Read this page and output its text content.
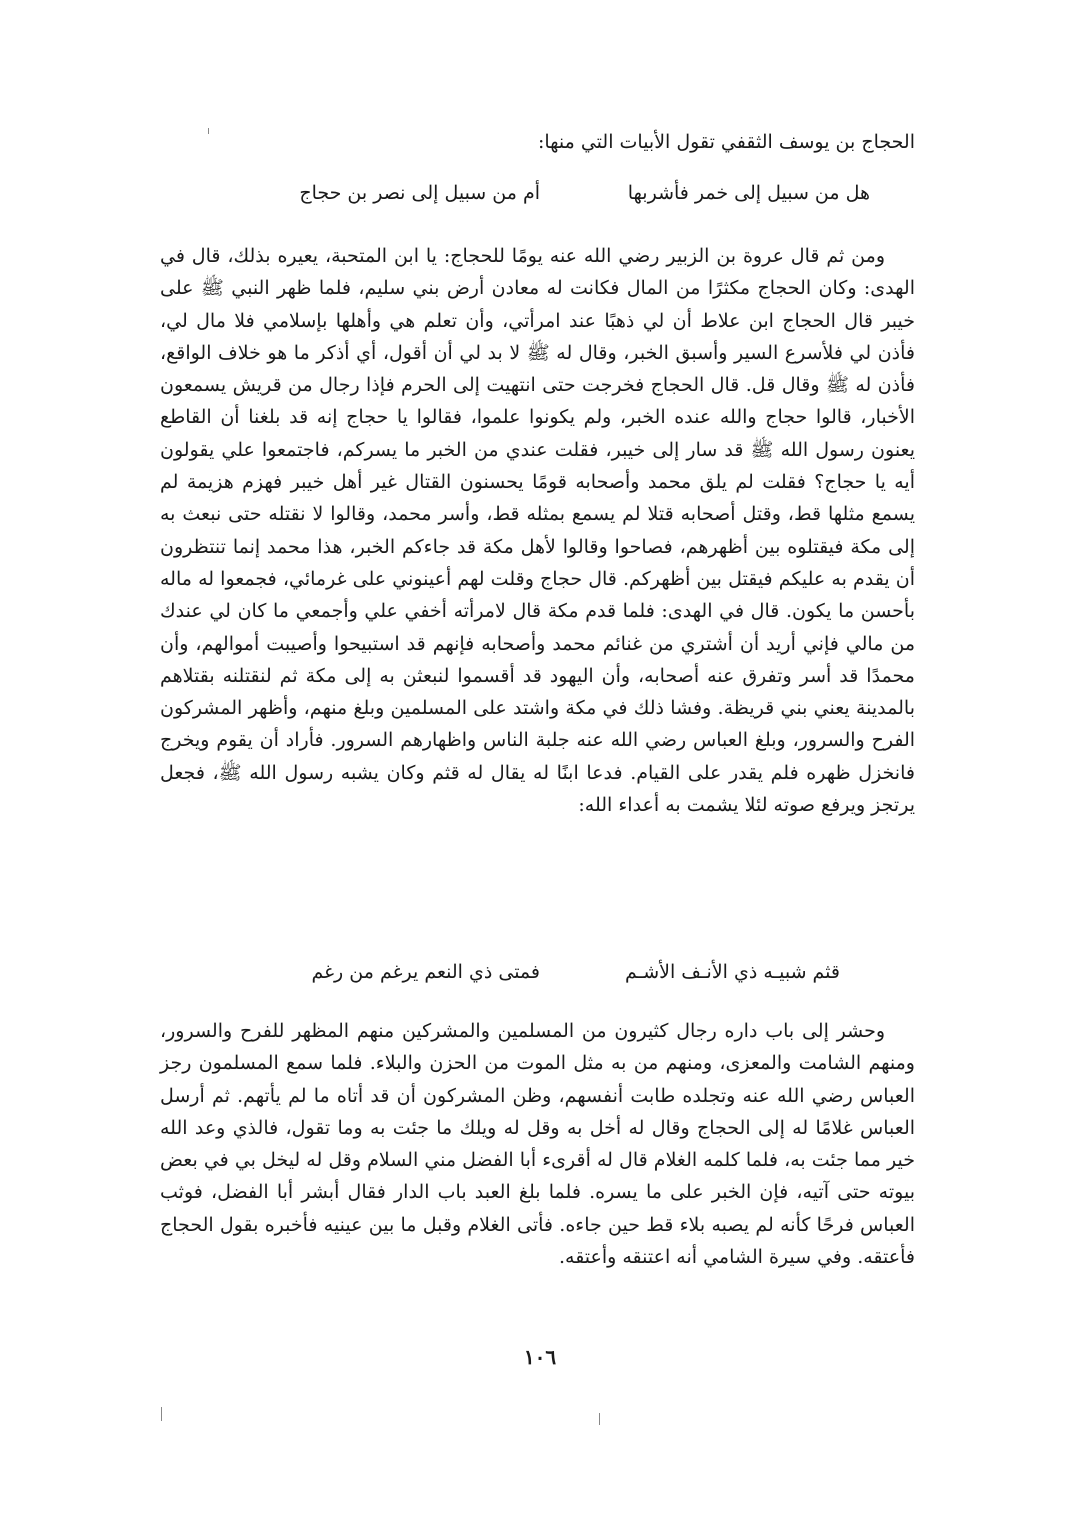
الحجاج بن يوسف الثقفي تقول الأبيات التي منها:
هل من سبيل إلى خمر فأشربها
أم من سبيل إلى نصر بن حجاج
ومن ثم قال عروة بن الزبير رضي الله عنه يومًا للحجاج: يا ابن المتحبة، يعيره بذلك، قال في الهدى: وكان الحجاج مكثرًا من المال فكانت له معادن أرض بني سليم، فلما ظهر النبي ﷺ على خيبر قال الحجاج ابن علاط أن لي ذهبًا عند امرأتي، وأن تعلم هي وأهلها بإسلامي فلا مال لي، فأذن لي فلأسرع السير وأسبق الخبر، وقال له ﷺ لا بد لي أن أقول، أي أذكر ما هو خلاف الواقع، فأذن له ﷺ وقال قل. قال الحجاج فخرجت حتى انتهيت إلى الحرم فإذا رجال من قريش يسمعون الأخبار، قالوا حجاج والله عنده الخبر، ولم يكونوا علموا، فقالوا يا حجاج إنه قد بلغنا أن القاطع يعنون رسول الله ﷺ قد سار إلى خيبر، فقلت عندي من الخبر ما يسركم، فاجتمعوا علي يقولون أيه يا حجاج؟ فقلت لم يلق محمد وأصحابه قومًا يحسنون القتال غير أهل خيبر فهزم هزيمة لم يسمع مثلها قط، وقتل أصحابه قتلا لم يسمع بمثله قط، وأسر محمد، وقالوا لا نقتله حتى نبعث به إلى مكة فيقتلوه بين أظهرهم، فصاحوا وقالوا لأهل مكة قد جاءكم الخبر، هذا محمد إنما تنتظرون أن يقدم به عليكم فيقتل بين أظهركم. قال حجاج وقلت لهم أعينوني على غرمائي، فجمعوا له ماله بأحسن ما يكون. قال في الهدى: فلما قدم مكة قال لامرأته أخفي علي وأجمعي ما كان لي عندك من مالي فإني أريد أن أشتري من غنائم محمد وأصحابه فإنهم قد استبيحوا وأصيبت أموالهم، وأن محمدًا قد أسر وتفرق عنه أصحابه، وأن اليهود قد أقسموا لنبعثن به إلى مكة ثم لنقتلنه بقتلاهم بالمدينة يعني بني قريظة. وفشا ذلك في مكة واشتد على المسلمين وبلغ منهم، وأظهر المشركون الفرح والسرور، وبلغ العباس رضي الله عنه جلبة الناس واظهارهم السرور. فأراد أن يقوم ويخرج فانخزل ظهره فلم يقدر على القيام. فدعا ابنًا له يقال له قثم وكان يشبه رسول الله ﷺ، فجعل يرتجز ويرفع صوته لئلا يشمت به أعداء الله:
قثم شبيـه ذي الأنـف الأشـم
فمتى ذي النعم يرغم من رغم
وحشر إلى باب داره رجال كثيرون من المسلمين والمشركين منهم المظهر للفرح والسرور، ومنهم الشامت والمعزى، ومنهم من به مثل الموت من الحزن والبلاء. فلما سمع المسلمون رجز العباس رضي الله عنه وتجلده طابت أنفسهم، وظن المشركون أن قد أتاه ما لم يأتهم. ثم أرسل العباس غلامًا له إلى الحجاج وقال له أخل به وقل له ويلك ما جئت به وما تقول، فالذي وعد الله خير مما جئت به، فلما كلمه الغلام قال له أقرىء أبا الفضل مني السلام وقل له ليخل بي في بعض بيوته حتى آتيه، فإن الخبر على ما يسره. فلما بلغ العبد باب الدار فقال أبشر أبا الفضل، فوثب العباس فرحًا كأنه لم يصبه بلاء قط حين جاءه. فأتى الغلام وقبل ما بين عينيه فأخبره بقول الحجاج فأعتقه. وفي سيرة الشامي أنه اعتنقه وأعتقه.
١٠٦
